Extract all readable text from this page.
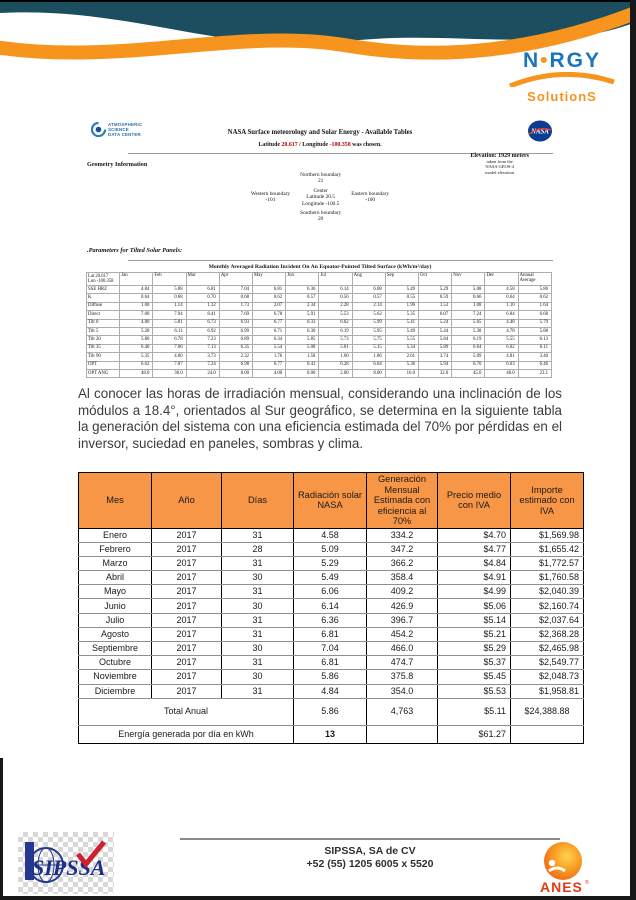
N•RGY
SolutionS
ATMOSPHERIC
SCIENCE
DATA CENTER	NASA Surface meteorology and Solar Energy - Available Tables	NASA
Latitude 20.617 / Longitude -100.358 was chosen.
Geometry Information
Elevation: 1929 meters
taken from the
NASA GEOS-4
model elevation
Western boundary
-101
Northern boundary
21
Center
Latitude 20.5
Longitude -100.5
Southern boundary
20
Eastern boundary
-100
.Parameters for Tilted Solar Panels:
Monthly Averaged Radiation Incident On An Equator-Pointed Tilted Surface (kWh/m²/day)
Lat 20.617
Lon -100.358	Jan	Feb	Mar	Apr	May	Jun	Jul	Aug	Sep	Oct	Nov	Dec	Annual Average
SSE HRZ	4.84	5.88	6.81	7.04	6.81	6.36	6.14	6.08	5.49	5.29	5.08	4.58	5.86
K	0.64	0.68	0.70	0.68	0.62	0.57	0.56	0.57	0.55	0.59	0.66	0.64	0.62
Diffuse	1.00	1.14	1.32	1.73	2.07	2.34	2.28	2.14	1.96	1.53	1.08	1.10	1.64
Direct	7.00	7.94	8.41	7.69	6.78	5.91	5.53	5.62	5.35	6.07	7.24	6.84	6.68
Tilt 0	4.80	5.81	6.73	6.93	6.77	6.33	6.02	5.99	5.41	5.24	5.05	4.48	5.79
Tilt 5	5.28	6.11	6.92	6.99	6.71	6.30	6.19	5.95	5.49	5.44	5.38	4.78	5.88
Tilt 20	5.80	6.78	7.23	6.89	6.34	5.85	5.73	5.75	5.55	5.84	6.19	5.55	6.13
Tilt 35	6.40	7.06	7.13	6.35	5.54	5.08	5.01	5.15	5.34	5.89	6.64	6.02	6.11
Tilt 90	5.35	4.80	3.73	2.32	1.76	1.58	1.60	1.86	2.61	3.74	5.09	4.81	3.40
OPT	6.62	7.07	7.24	6.98	6.77	6.41	6.28	6.04	5.36	5.94	6.70	6.03	6.46
OPT ANG	48.0	38.0	24.0	8.00	4.00	0.00	2.00	8.00	16.0	32.0	45.0	48.0	23.1

Al conocer las horas de irradiación mensual, considerando una inclinación de los módulos a 18.4°, orientados al Sur geográfico, se determina en la siguiente tabla la generación del sistema con una eficiencia estimada del 70% por pérdidas en el inversor, suciedad en paneles, sombras y clima.

Mes	Año	Días	Radiación solar NASA	Generación Mensual Estimada con eficiencia al 70%	Precio medio con IVA	Importe estimado con IVA
Enero	2017	31	4.58	334.2	$4.70	$1,569.98
Febrero	2017	28	5.09	347.2	$4.77	$1,655.42
Marzo	2017	31	5.29	366.2	$4.84	$1,772.57
Abril	2017	30	5.49	358.4	$4.91	$1,760.58
Mayo	2017	31	6.06	409.2	$4.99	$2,040.39
Junio	2017	30	6.14	426.9	$5.06	$2,160.74
Julio	2017	31	6.36	396.7	$5.14	$2,037.64
Agosto	2017	31	6.81	454.2	$5.21	$2,368.28
Septiembre	2017	30	7.04	466.0	$5.29	$2,465.98
Octubre	2017	31	6.81	474.7	$5.37	$2,549.77
Noviembre	2017	30	5.86	375.8	$5.45	$2,048.73
Diciembre	2017	31	4.84	354.0	$5.53	$1,958.81
Total Anual			5.86	4,763	$5.11	$24,388.88
Energía generada por día en kWh			13		$61.27	
SIPSSA, SA de CV
+52 (55) 1205 6005 x 5520
SIPSSA
ANES ®
